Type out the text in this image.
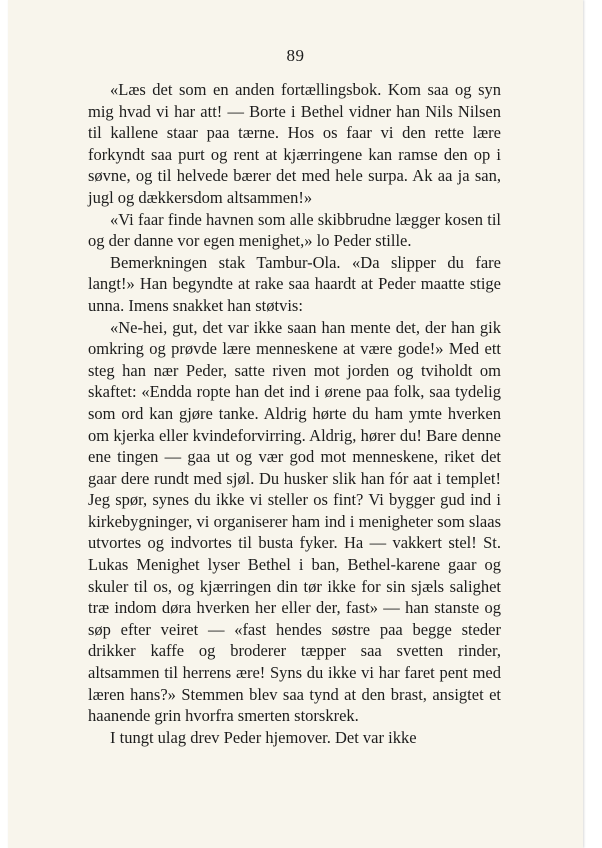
89

«Læs det som en anden fortællingsbok. Kom saa og syn mig hvad vi har att! — Borte i Bethel vidner han Nils Nilsen til kallene staar paa tærne. Hos os faar vi den rette lære forkyndt saa purt og rent at kjærringene kan ramse den op i søvne, og til helvede bærer det med hele surpa. Ak aa ja san, jugl og dækkersdom altsammen!»

«Vi faar finde havnen som alle skibbrudne lægger kosen til og der danne vor egen menighet,» lo Peder stille.

Bemerkningen stak Tambur-Ola. «Da slipper du fare langt!» Han begyndte at rake saa haardt at Peder maatte stige unna. Imens snakket han støtvis:

«Ne-hei, gut, det var ikke saan han mente det, der han gik omkring og prøvde lære menneskene at være gode!» Med ett steg han nær Peder, satte riven mot jorden og tviholdt om skaftet: «Endda ropte han det ind i ørene paa folk, saa tydelig som ord kan gjøre tanke. Aldrig hørte du ham ymte hverken om kjerka eller kvindeforvirring. Aldrig, hører du! Bare denne ene tingen — gaa ut og vær god mot menneskene, riket det gaar dere rundt med sjøl. Du husker slik han fór aat i templet! Jeg spør, synes du ikke vi steller os fint? Vi bygger gud ind i kirkebygninger, vi organiserer ham ind i menigheter som slaas utvortes og indvortes til busta fyker. Ha — vakkert stel! St. Lukas Menighet lyser Bethel i ban, Bethel-karene gaar og skuler til os, og kjærringen din tør ikke for sin sjæls salighet træ indom døra hverken her eller der, fast» — han stanste og søp efter veiret — «fast hendes søstre paa begge steder drikker kaffe og broderer tæpper saa svetten rinder, altsammen til herrens ære! Syns du ikke vi har faret pent med læren hans?» Stemmen blev saa tynd at den brast, ansigtet et haanende grin hvorfra smerten storskrek.

I tungt ulag drev Peder hjemover. Det var ikke
